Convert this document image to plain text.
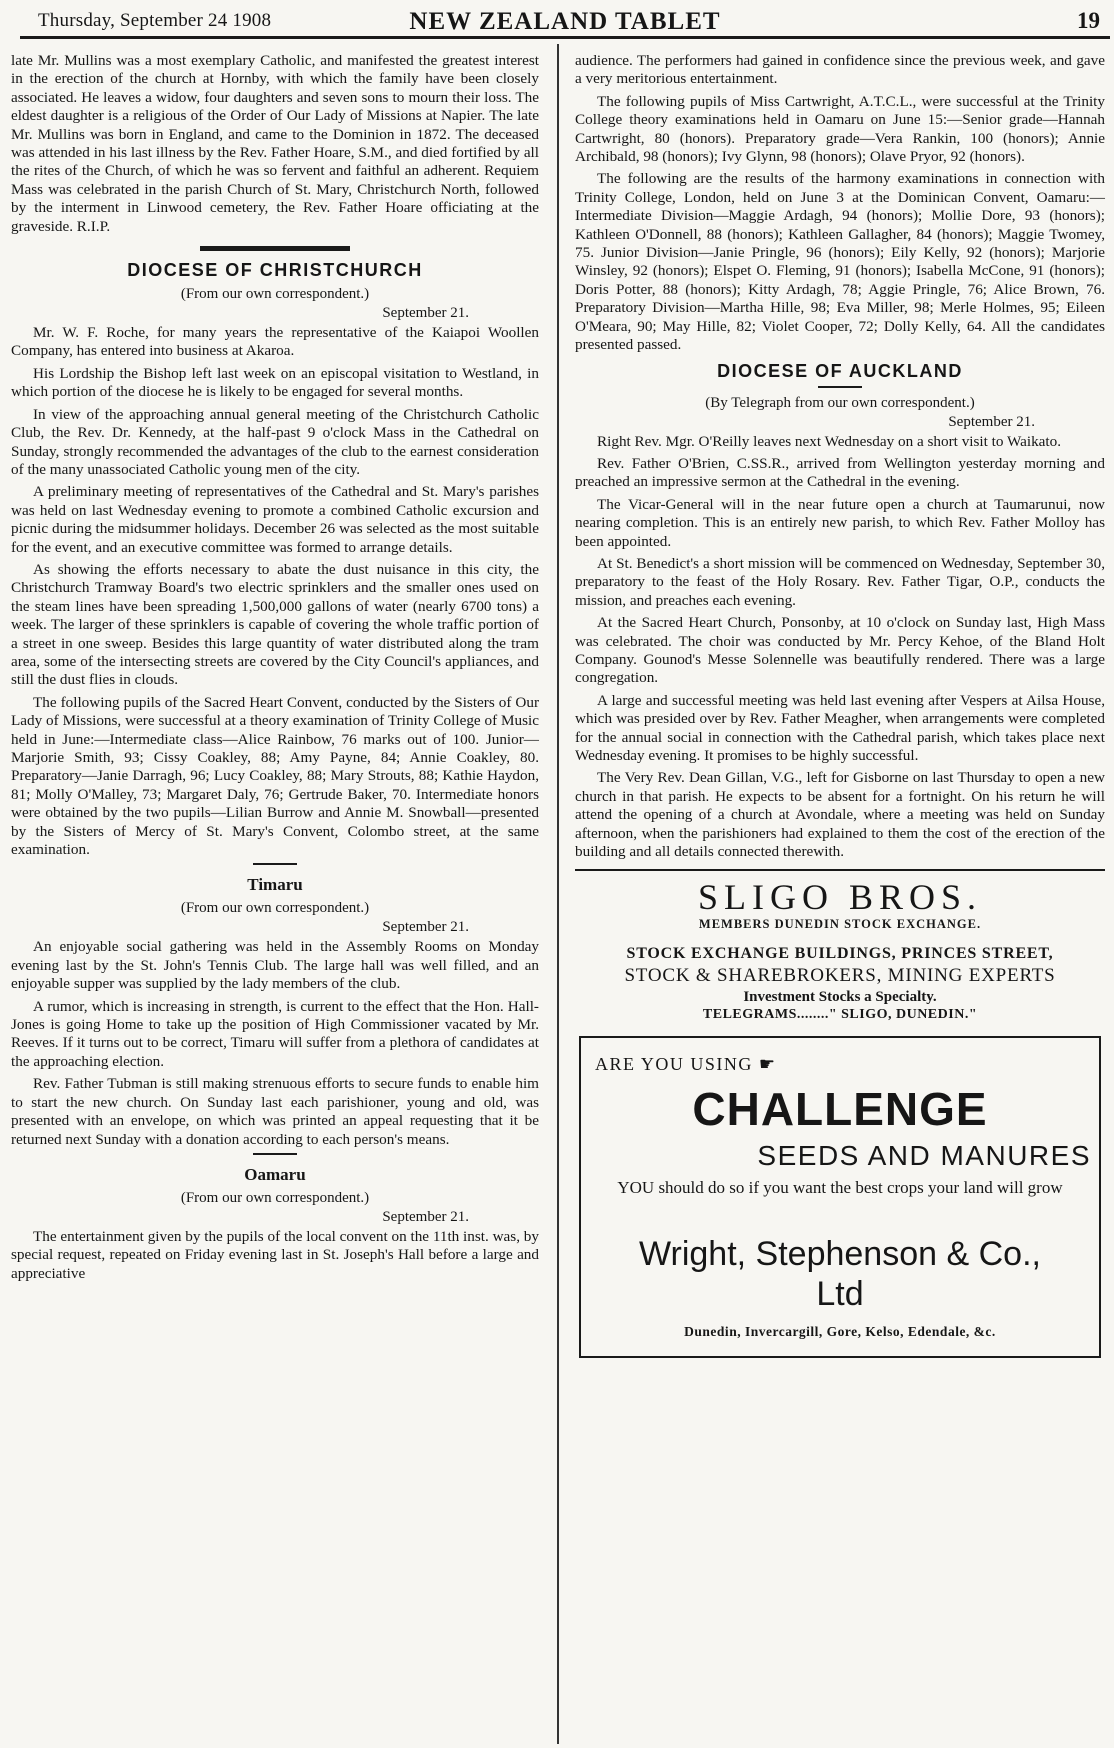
Thursday, September 24 1908	NEW ZEALAND TABLET	19

late Mr. Mullins was a most exemplary Catholic, and manifested the greatest interest in the erection of the church at Hornby, with which the family have been closely associated. He leaves a widow, four daughters and seven sons to mourn their loss. The eldest daughter is a religious of the Order of Our Lady of Missions at Napier. The late Mr. Mullins was born in England, and came to the Dominion in 1872. The deceased was attended in his last illness by the Rev. Father Hoare, S.M., and died fortified by all the rites of the Church, of which he was so fervent and faithful an adherent. Requiem Mass was celebrated in the parish Church of St. Mary, Christchurch North, followed by the interment in Linwood cemetery, the Rev. Father Hoare officiating at the graveside. R.I.P.

DIOCESE OF CHRISTCHURCH
(From our own correspondent.)
September 21.

Mr. W. F. Roche, for many years the representative of the Kaiapoi Woollen Company, has entered into business at Akaroa.

His Lordship the Bishop left last week on an episcopal visitation to Westland, in which portion of the diocese he is likely to be engaged for several months.

In view of the approaching annual general meeting of the Christchurch Catholic Club, the Rev. Dr. Kennedy, at the half-past 9 o'clock Mass in the Cathedral on Sunday, strongly recommended the advantages of the club to the earnest consideration of the many unassociated Catholic young men of the city.

A preliminary meeting of representatives of the Cathedral and St. Mary's parishes was held on last Wednesday evening to promote a combined Catholic excursion and picnic during the midsummer holidays. December 26 was selected as the most suitable for the event, and an executive committee was formed to arrange details.

As showing the efforts necessary to abate the dust nuisance in this city, the Christchurch Tramway Board's two electric sprinklers and the smaller ones used on the steam lines have been spreading 1,500,000 gallons of water (nearly 6700 tons) a week. The larger of these sprinklers is capable of covering the whole traffic portion of a street in one sweep. Besides this large quantity of water distributed along the tram area, some of the intersecting streets are covered by the City Council's appliances, and still the dust flies in clouds.

The following pupils of the Sacred Heart Convent, conducted by the Sisters of Our Lady of Missions, were successful at a theory examination of Trinity College of Music held in June:—Intermediate class—Alice Rainbow, 76 marks out of 100. Junior—Marjorie Smith, 93; Cissy Coakley, 88; Amy Payne, 84; Annie Coakley, 80. Preparatory—Janie Darragh, 96; Lucy Coakley, 88; Mary Strouts, 88; Kathie Haydon, 81; Molly O'Malley, 73; Margaret Daly, 76; Gertrude Baker, 70. Intermediate honors were obtained by the two pupils—Lilian Burrow and Annie M. Snowball—presented by the Sisters of Mercy of St. Mary's Convent, Colombo street, at the same examination.

Timaru
(From our own correspondent.)
September 21.

An enjoyable social gathering was held in the Assembly Rooms on Monday evening last by the St. John's Tennis Club. The large hall was well filled, and an enjoyable supper was supplied by the lady members of the club.

A rumor, which is increasing in strength, is current to the effect that the Hon. Hall-Jones is going Home to take up the position of High Commissioner vacated by Mr. Reeves. If it turns out to be correct, Timaru will suffer from a plethora of candidates at the approaching election.

Rev. Father Tubman is still making strenuous efforts to secure funds to enable him to start the new church. On Sunday last each parishioner, young and old, was presented with an envelope, on which was printed an appeal requesting that it be returned next Sunday with a donation according to each person's means.

Oamaru
(From our own correspondent.)
September 21.

The entertainment given by the pupils of the local convent on the 11th inst. was, by special request, repeated on Friday evening last in St. Joseph's Hall before a large and appreciative

audience. The performers had gained in confidence since the previous week, and gave a very meritorious entertainment.

The following pupils of Miss Cartwright, A.T.C.L., were successful at the Trinity College theory examinations held in Oamaru on June 15:—Senior grade—Hannah Cartwright, 80 (honors). Preparatory grade—Vera Rankin, 100 (honors); Annie Archibald, 98 (honors); Ivy Glynn, 98 (honors); Olave Pryor, 92 (honors).

The following are the results of the harmony examinations in connection with Trinity College, London, held on June 3 at the Dominican Convent, Oamaru:—Intermediate Division—Maggie Ardagh, 94 (honors); Mollie Dore, 93 (honors); Kathleen O'Donnell, 88 (honors); Kathleen Gallagher, 84 (honors); Maggie Twomey, 75. Junior Division—Janie Pringle, 96 (honors); Eily Kelly, 92 (honors); Marjorie Winsley, 92 (honors); Elspet O. Fleming, 91 (honors); Isabella McCone, 91 (honors); Doris Potter, 88 (honors); Kitty Ardagh, 78; Aggie Pringle, 76; Alice Brown, 76. Preparatory Division—Martha Hille, 98; Eva Miller, 98; Merle Holmes, 95; Eileen O'Meara, 90; May Hille, 82; Violet Cooper, 72; Dolly Kelly, 64. All the candidates presented passed.

DIOCESE OF AUCKLAND
(By Telegraph from our own correspondent.)
September 21.

Right Rev. Mgr. O'Reilly leaves next Wednesday on a short visit to Waikato.

Rev. Father O'Brien, C.SS.R., arrived from Wellington yesterday morning and preached an impressive sermon at the Cathedral in the evening.

The Vicar-General will in the near future open a church at Taumarunui, now nearing completion. This is an entirely new parish, to which Rev. Father Molloy has been appointed.

At St. Benedict's a short mission will be commenced on Wednesday, September 30, preparatory to the feast of the Holy Rosary. Rev. Father Tigar, O.P., conducts the mission, and preaches each evening.

At the Sacred Heart Church, Ponsonby, at 10 o'clock on Sunday last, High Mass was celebrated. The choir was conducted by Mr. Percy Kehoe, of the Bland Holt Company. Gounod's Messe Solennelle was beautifully rendered. There was a large congregation.

A large and successful meeting was held last evening after Vespers at Ailsa House, which was presided over by Rev. Father Meagher, when arrangements were completed for the annual social in connection with the Cathedral parish, which takes place next Wednesday evening. It promises to be highly successful.

The Very Rev. Dean Gillan, V.G., left for Gisborne on last Thursday to open a new church in that parish. He expects to be absent for a fortnight. On his return he will attend the opening of a church at Avondale, where a meeting was held on Sunday afternoon, when the parishioners had explained to them the cost of the erection of the building and all details connected therewith.

SLIGO BROS.
MEMBERS DUNEDIN STOCK EXCHANGE.
STOCK EXCHANGE BUILDINGS, PRINCES STREET,
STOCK & SHAREBROKERS, MINING EXPERTS
Investment Stocks a Specialty.
TELEGRAMS........" SLIGO, DUNEDIN."
ARE YOU USING ☛
CHALLENGE
SEEDS AND MANURES
YOU should do so if you want the best crops your land will grow
Wright, Stephenson & Co.,
Ltd
Dunedin, Invercargill, Gore, Kelso, Edendale, &c.
